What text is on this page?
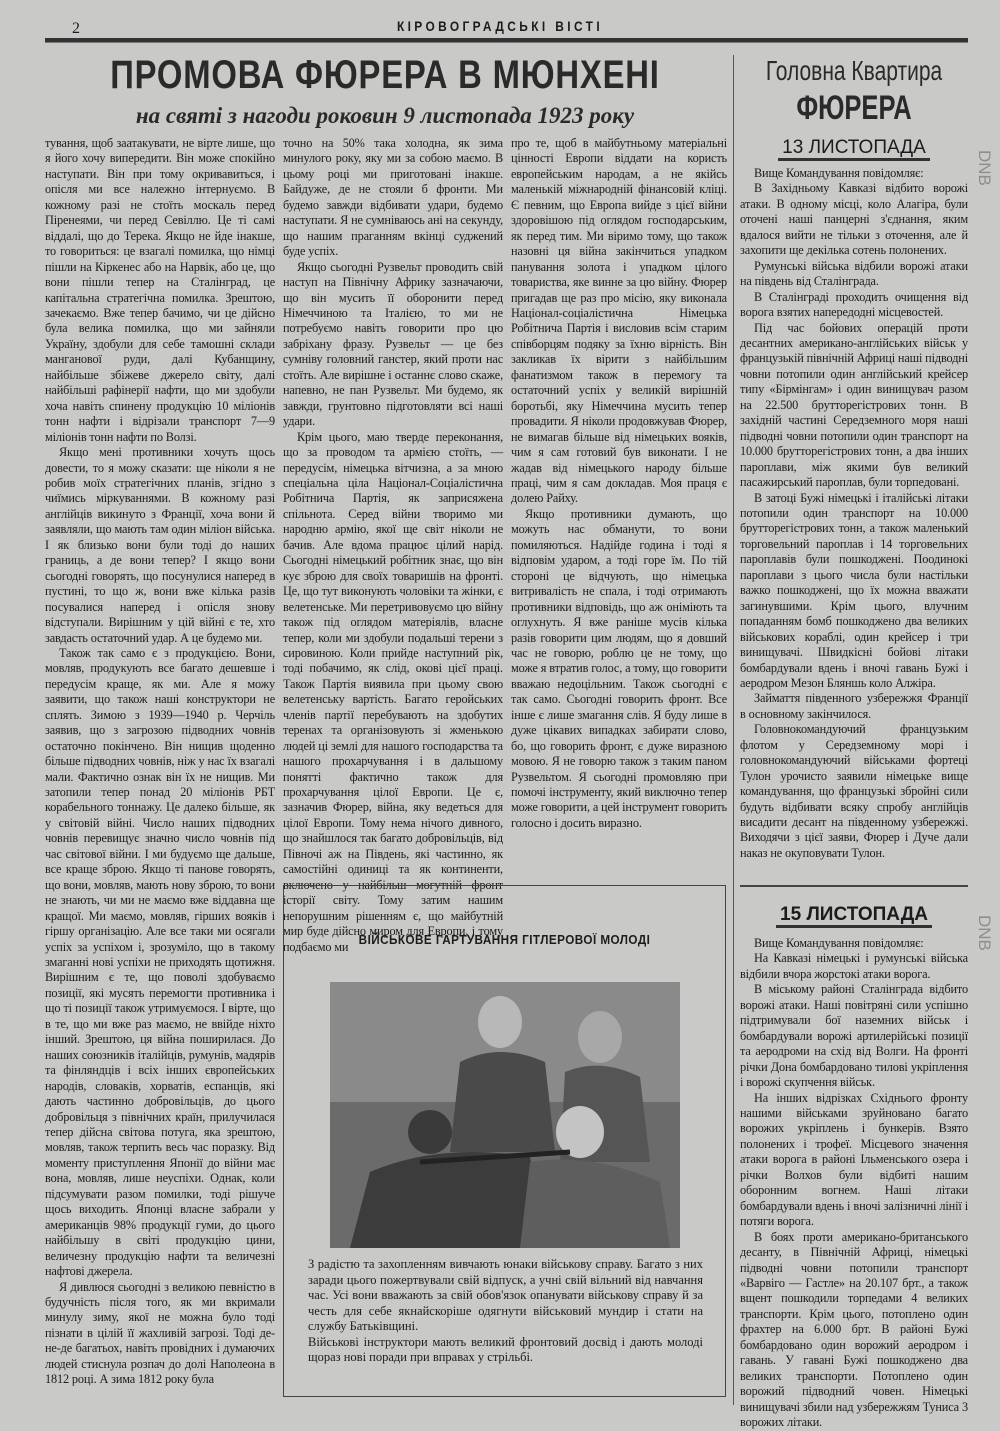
2	КІРОВОГРАДСЬКІ ВІСТІ
ПРОМОВА ФЮРЕРА В МЮНХЕНІ
на святі з нагоди роковин 9 листопада 1923 року

тування, щоб заатакувати, не вірте лише, що я його хочу випередити. Він може спокійно наступати. Він при тому окривавиться, і опісля ми все належно інтернуємо. В кожному разі не стоїть москаль перед Піренеями, чи перед Севіллю. Це ті самі віддалі, що до Терека. Якщо не йде інакше, то говориться: це взагалі помилка, що німці пішли на Кіркенес або на Нарвік, або це, що вони пішли тепер на Сталінград, це капітальна стратегічна помилка. Зрештою, зачекаємо. Вже тепер бачимо, чи це дійсно була велика помилка, що ми зайняли Україну, здобули для себе тамошні склади манганової руди, далі Кубанщину, найбільше збіжеве джерело світу, далі найбільші рафінерії нафти, що ми здобули хоча навіть спинену продукцію 10 міліонів тонн нафти і відрізали транспорт 7—9 міліонів тонн нафти по Волзі.

Якщо мені противники хочуть щось довести, то я можу сказати: ще ніколи я не робив моїх стратегічних планів, згідно з чиїмись міркуваннями. В кожному разі англійців викинуто з Франції, хоча вони й заявляли, що мають там один міліон війська. І як близько вони були тоді до наших границь, а де вони тепер? І якщо вони сьогодні говорять, що посунулися наперед в пустині, то що ж, вони вже кілька разів посувалися наперед і опісля знову відступали. Вирішним у цій війні є те, хто завдасть остаточний удар. А це будемо ми.

Також так само є з продукцією. Вони, мовляв, продукують все багато дешевше і передусім краще, як ми. Але я можу заявити, що також наші конструктори не сплять. Зимою з 1939—1940 р. Черчіль заявив, що з загрозою підводних човнів остаточно покінчено. Він нищив щоденно більше підводних човнів, ніж у нас їх взагалі мали. Фактично ознак він їх не нищив. Ми затопили тепер понад 20 міліонів РБТ корабельного тоннажу. Це далеко більше, як у світовій війні. Число наших підводних човнів перевищує значно число човнів під час світової війни. І ми будуємо ще дальше, все краще зброю. Якщо ті панове говорять, що вони, мовляв, мають нову зброю, то вони не знають, чи ми не маємо вже віддавна ще кращої. Ми маємо, мовляв, гірших вояків і гіршу організацію. Але все таки ми осягали успіх за успіхом і, зрозуміло, що в такому змаганні нові успіхи не приходять щотижня. Вирішним є те, що поволі здобуваємо позиції, які мусять перемогти противника і що ті позиції також утримуємося. І вірте, що в те, що ми вже раз маємо, не ввійде ніхто інший. Зрештою, ця війна поширилася. До наших союзників італійців, румунів, мадярів та фінляндців і всіх інших європейських народів, словаків, хорватів, еспанців, які дають частинно добровільців, до цього добровільця з північних країн, прилучилася тепер дійсна світова потуга, яка зрештою, мовляв, також терпить весь час поразку. Від моменту приступлення Японії до війни має вона, мовляв, лише неуспіхи. Однак, коли підсумувати разом помилки, тоді рішуче щось виходить. Японці власне забрали у американців 98% продукції гуми, до цього найбільшу в світі продукцію цини, величезну продукцію нафти та величезні нафтові джерела.

Я дивлюся сьогодні з великою певністю в будучність після того, як ми вкримали минулу зиму, якої не можна було тоді пізнати в цілій її жахливій загрозі. Тоді де-не-де багатьох, навіть провідних і думаючих людей стиснула розпач до долі Наполеона в 1812 році. А зима 1812 року була

точно на 50% така холодна, як зима минулого року, яку ми за собою маємо. В цьому році ми приготовані інакше. Байдуже, де не стояли б фронти. Ми будемо завжди відбивати удари, будемо наступати. Я не сумніваюсь ані на секунду, що нашим праганням вкінці суджений буде успіх.

Якщо сьогодні Рузвельт проводить свій наступ на Північну Африку зазначаючи, що він мусить її оборонити перед Німеччиною та Італією, то ми не потребуємо навіть говорити про цю забріхану фразу. Рузвельт — це без сумніву головний ганстер, який проти нас стоїть. Але вирішне і останнє слово скаже, напевно, не пан Рузвельт. Ми будемо, як завжди, грунтовно підготовляти всі наші удари.

Крім цього, маю тверде переконання, що за проводом та армією стоїть, — передусім, німецька вітчизна, а за мною спеціальна ціла Націонал-Соціалістична Робітнича Партія, як заприсяжена спільнота. Серед війни творимо ми народню армію, якої ще світ ніколи не бачив. Але вдома працює цілий нарід. Сьогодні німецький робітник знає, що він кує зброю для своїх товаришів на фронті. Це, що тут виконують чоловіки та жінки, є велетенське. Ми перетривовуємо цю війну також під оглядом матеріялів, власне тепер, коли ми здобули подальші терени з сировиною. Коли прийде наступний рік, тоді побачимо, як слід, окові цієї праці. Також Партія виявила при цьому свою велетенську вартість. Багато геройських членів партії перебувають на здобутих теренах та організовують зі жменькою людей ці землі для нашого господарства та нашого прохарчування і в дальшому понятті фактично також для прохарчування цілої Европи. Це є, зазначив Фюрер, війна, яку ведеться для цілої Европи. Тому нема нічого дивного, що знайшлося так багато добровільців, від Півночі аж на Південь, які частинно, як самостійні одиниці та як континенти, включено у найбільш могутній фронт історії світу. Тому затим нашим непорушним рішенням є, що майбутній мир буде дійсно миром для Европи, і тому подбаємо ми

про те, щоб в майбутньому матеріальні цінності Европи віддати на користь европейським народам, а не якійсь маленькій міжнародній фінансовій кліці. Є певним, що Европа вийде з цієї війни здоровішою під оглядом господарським, як перед тим. Ми віримо тому, що також назовні ця війна закінчиться упадком панування золота і упадком цілого товариства, яке винне за цю війну. Фюрер пригадав ще раз про місію, яку виконала Націонал-соціалістична Німецька Робітнича Партія і висловив всім старим співборцям подяку за їхню вірність. Він закликав їх вірити з найбільшим фанатизмом також в перемогу та остаточний успіх у великій вирішній боротьбі, яку Німеччина мусить тепер провадити. Я ніколи продовжував Фюрер, не вимагав більше від німецьких вояків, чим я сам готовий був виконати. І не жадав від німецького народу більше праці, чим я сам докладав. Моя праця є долею Райху.

Якщо противники думають, що можуть нас обманути, то вони помиляються. Надійде година і тоді я відповім ударом, а тоді горе їм. По тій стороні це відчують, що німецька витривалість не спала, і тоді отримають противники відповідь, що аж оніміють та оглухнуть. Я вже раніше мусів кілька разів говорити цим людям, що я довший час не говорю, роблю це не тому, що може я втратив голос, а тому, що говорити вважаю недоцільним. Також сьогодні є так само. Сьогодні говорить фронт. Все інше є лише змагання слів. Я буду лише в дуже цікавих випадках забирати слово, бо, що говорить фронт, є дуже виразною мовою. Я не говорю також з таким паном Рузвельтом. Я сьогодні промовляю при помочі інструменту, який виключно тепер може говорити, а цей інструмент говорить голосно і досить виразно.

ВІЙСЬКОВЕ ГАРТУВАННЯ ГІТЛЕРОВОЇ МОЛОДІ

З радістю та захопленням вивчають юнаки військову справу. Багато з них заради цього пожертвували свій відпуск, а учні свій вільний від навчання час. Усі вони вважають за свій обов'язок опанувати військову справу й за честь для себе якнайскоріше одягнути військовий мундир і стати на службу Батьківщині.

Військові інструктори мають великий фронтовий досвід і дають молоді щораз нові поради при вправах у стрільбі.

Головна Квартира
ФЮРЕРА
DNB
DNB
13 ЛИСТОПАДА

Вище Командування повідомляє:

В Західньому Кавказі відбито ворожі атаки. В одному місці, коло Алагіра, були оточені наші панцерні з'єднання, яким вдалося вийти не тільки з оточення, але й захопити ще декілька сотень полонених.

Румунські війська відбили ворожі атаки на південь від Сталінграда.

В Сталінграді проходить очищення від ворога взятих напередодні місцевостей.

Під час бойових операцій проти десантних американо-англійських військ у французькій північній Африці наші підводні човни потопили один англійський крейсер типу «Бірмінгам» і один винищувач разом на 22.500 брутторегістрових тонн. В західній частині Середземного моря наші підводні човни потопили один транспорт на 10.000 брутторегістрових тонн, а два інших пароплави, між якими був великий пасажирський пароплав, були торпедовані.

В затоці Бужі німецькі і італійські літаки потопили один транспорт на 10.000 брутторегістрових тонн, а також маленький торговельний пароплав і 14 торговельних пароплавів були пошкоджені. Поодинокі пароплави з цього числа були настільки важко пошкоджені, що їх можна вважати загинувшими. Крім цього, влучним попаданням бомб пошкоджено два великих військових кораблі, один крейсер і три винищувачі. Швидкісні бойові літаки бомбардували вдень і вночі гавань Бужі і аеродром Мезон Бляншь коло Алжіра.

Займаття південного узбережжя Франції в основному закінчилося.

Головнокомандуючий французьким флотом у Середземному морі і головнокомандуючий військами фортеці Тулон урочисто заявили німецьке вище командування, що французькі збройні сили будуть відбивати всяку спробу англійців висадити десант на південному узбережжі. Виходячи з цієї заяви, Фюрер і Дуче дали наказ не окуповувати Тулон.

15 ЛИСТОПАДА

Вище Командування повідомляє:

На Кавказі німецькі і румунські війська відбили вчора жорстокі атаки ворога.

В міському районі Сталінграда відбито ворожі атаки. Наші повітряні сили успішно підтримували бої наземних військ і бомбардували ворожі артилерійські позиції та аеродроми на схід від Волги. На фронті річки Дона бомбардовано тилові укріплення і ворожі скупчення військ.

На інших відрізках Східнього фронту нашими військами зруйновано багато ворожих укріплень і бункерів. Взято полонених і трофеї. Місцевого значення атаки ворога в районі Ільменського озера і річки Волхов були відбиті нашим оборонним вогнем. Наші літаки бомбардували вдень і вночі залізничні лінії і потяги ворога.

В боях проти американо-британського десанту, в Північній Африці, німецькі підводні човни потопили транспорт «Варвіго — Гастле» на 20.107 брт., а також вщент пошкодили торпедами 4 великих транспорти. Крім цього, потоплено один фрахтер на 6.000 брт. В районі Бужі бомбардовано один ворожий аеродром і гавань. У гавані Бужі пошкоджено два великих транспорти. Потоплено один ворожий підводний човен. Німецькі винищувачі збили над узбережжям Туниса 3 ворожих літаки.
